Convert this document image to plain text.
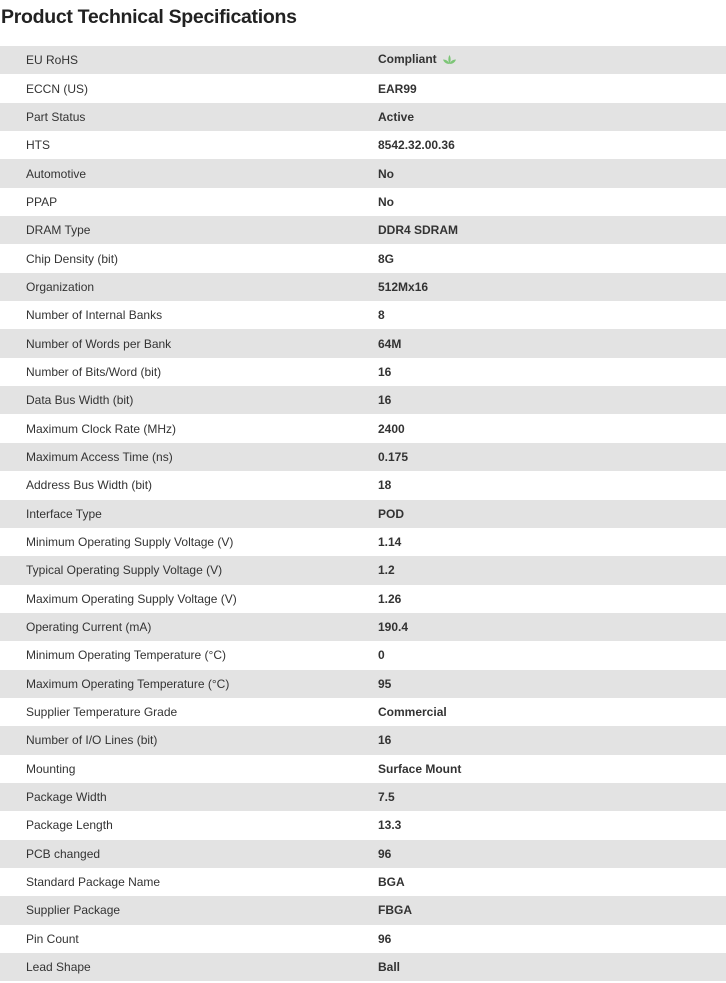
Product Technical Specifications
EU RoHS	Compliant
ECCN (US)	EAR99
Part Status	Active
HTS	8542.32.00.36
Automotive	No
PPAP	No
DRAM Type	DDR4 SDRAM
Chip Density (bit)	8G
Organization	512Mx16
Number of Internal Banks	8
Number of Words per Bank	64M
Number of Bits/Word (bit)	16
Data Bus Width (bit)	16
Maximum Clock Rate (MHz)	2400
Maximum Access Time (ns)	0.175
Address Bus Width (bit)	18
Interface Type	POD
Minimum Operating Supply Voltage (V)	1.14
Typical Operating Supply Voltage (V)	1.2
Maximum Operating Supply Voltage (V)	1.26
Operating Current (mA)	190.4
Minimum Operating Temperature (°C)	0
Maximum Operating Temperature (°C)	95
Supplier Temperature Grade	Commercial
Number of I/O Lines (bit)	16
Mounting	Surface Mount
Package Width	7.5
Package Length	13.3
PCB changed	96
Standard Package Name	BGA
Supplier Package	FBGA
Pin Count	96
Lead Shape	Ball
